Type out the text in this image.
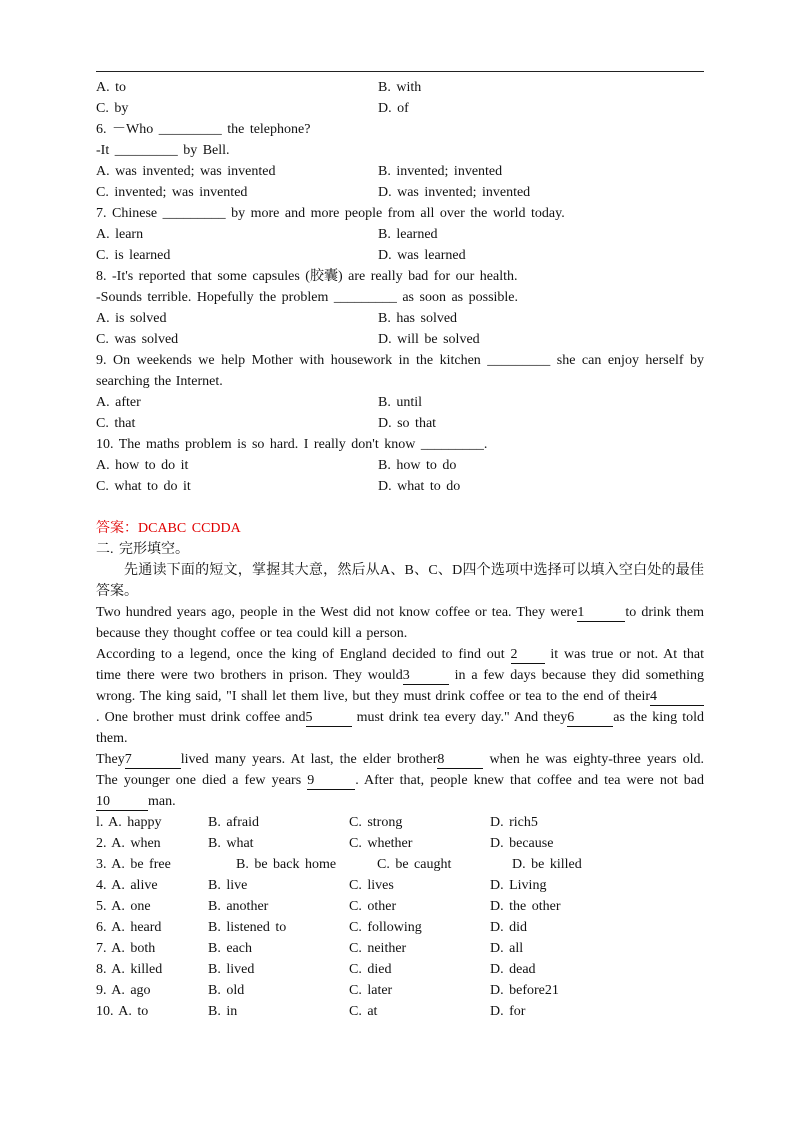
A. to	B. with
C. by	D. of
6. －Who _________ the telephone?
-It _________ by Bell.
A. was invented; was invented	B. invented; invented
C. invented; was invented	D. was invented; invented
7. Chinese _________ by more and more people from all over the world today.
A. learn	B. learned
C. is learned	D. was learned
8. -It's reported that some capsules (胶囊) are really bad for our health.
-Sounds terrible. Hopefully the problem _________ as soon as possible.
A. is solved	B. has solved
C. was solved	D. will be solved
9. On weekends we help Mother with housework in the kitchen _________ she can enjoy herself by searching the Internet.
A. after	B. until
C. that	D. so that
10. The maths problem is so hard. I really don't know _________.
A. how to do it	B. how to do
C. what to do it	D. what to do
答案：DCABC CCDDA
二. 完形填空。
先通读下面的短文，掌握其大意，然后从A、B、C、D四个选项中选择可以填入空白处的最佳答案。
Two hundred years ago, people in the West did not know coffee or tea. They were1	to drink them because they thought coffee or tea could kill a person.
According to a legend, once the king of England decided to find out 2 it was true or not. At that time there were two brothers in prison. They would3	in a few days because they did something wrong. The king said, "I shall let them live, but they must drink coffee or tea to the end of their4. One brother must drink coffee and5	must drink tea every day." And they6	as the king told them.
They7	lived many years. At last, the elder brother8	when he was eighty-three years old. The younger one died a few years 9	. After that, people knew that coffee and tea were not bad10	man.
l. A. happy	B. afraid	C. strong	D. rich5
2. A. when	B. what	C. whether	D. because
3. A. be free	B. be back home	C. be caught	D. be killed
4. A. alive	B. live	C. lives	D. Living
5. A. one	B. another	C. other	D. the other
6. A. heard	B. listened to	C. following	D. did
7. A. both	B. each	C. neither	D. all
8. A. killed	B. lived	C. died	D. dead
9. A. ago	B. old	C. later	D. before21
10. A. to	B. in	C. at	D. for
